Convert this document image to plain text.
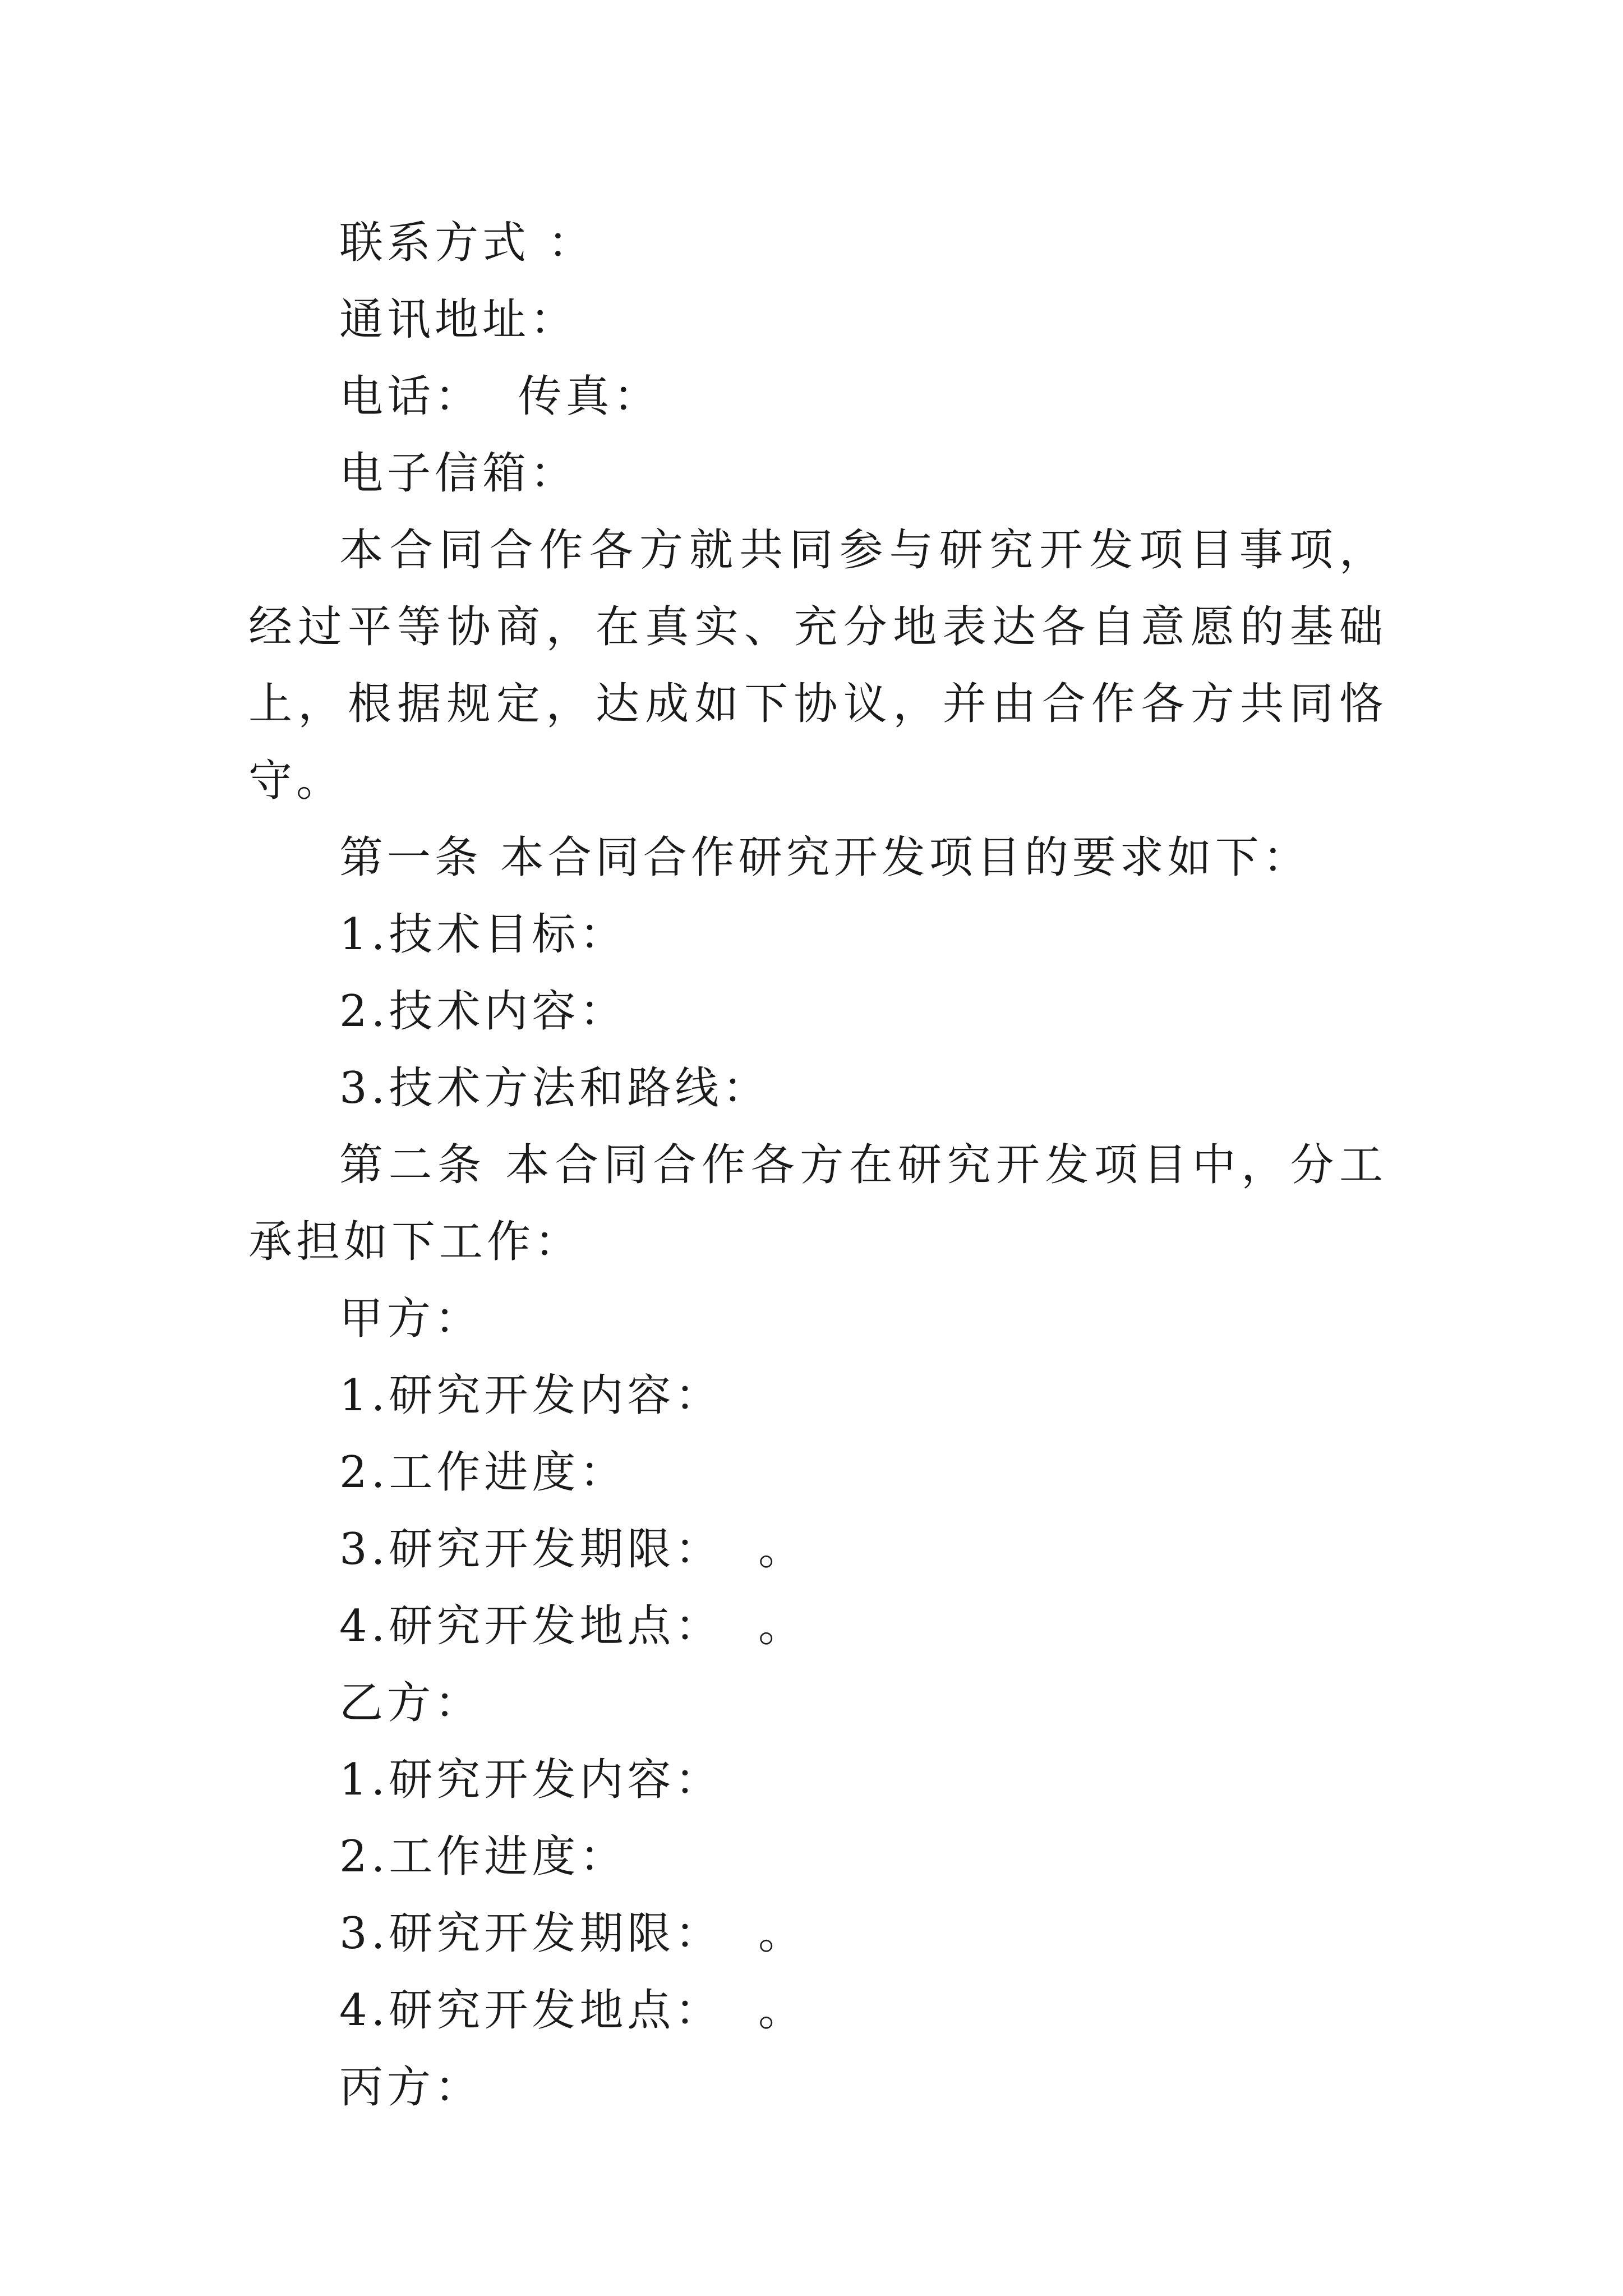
联系方式 ：

通讯地址：

电话：  传真：

电子信箱：

本合同合作各方就共同参与研究开发项目事项，经过平等协商，在真实、充分地表达各自意愿的基础上，根据规定，达成如下协议，并由合作各方共同恪守。

第一条 本合同合作研究开发项目的要求如下：

1.技术目标：

2.技术内容：

3.技术方法和路线：

第二条 本合同合作各方在研究开发项目中，分工承担如下工作：

甲方：

1.研究开发内容：

2.工作进度：

3.研究开发期限：  。

4.研究开发地点：  。

乙方：

1.研究开发内容：

2.工作进度：

3.研究开发期限：  。

4.研究开发地点：  。

丙方：
